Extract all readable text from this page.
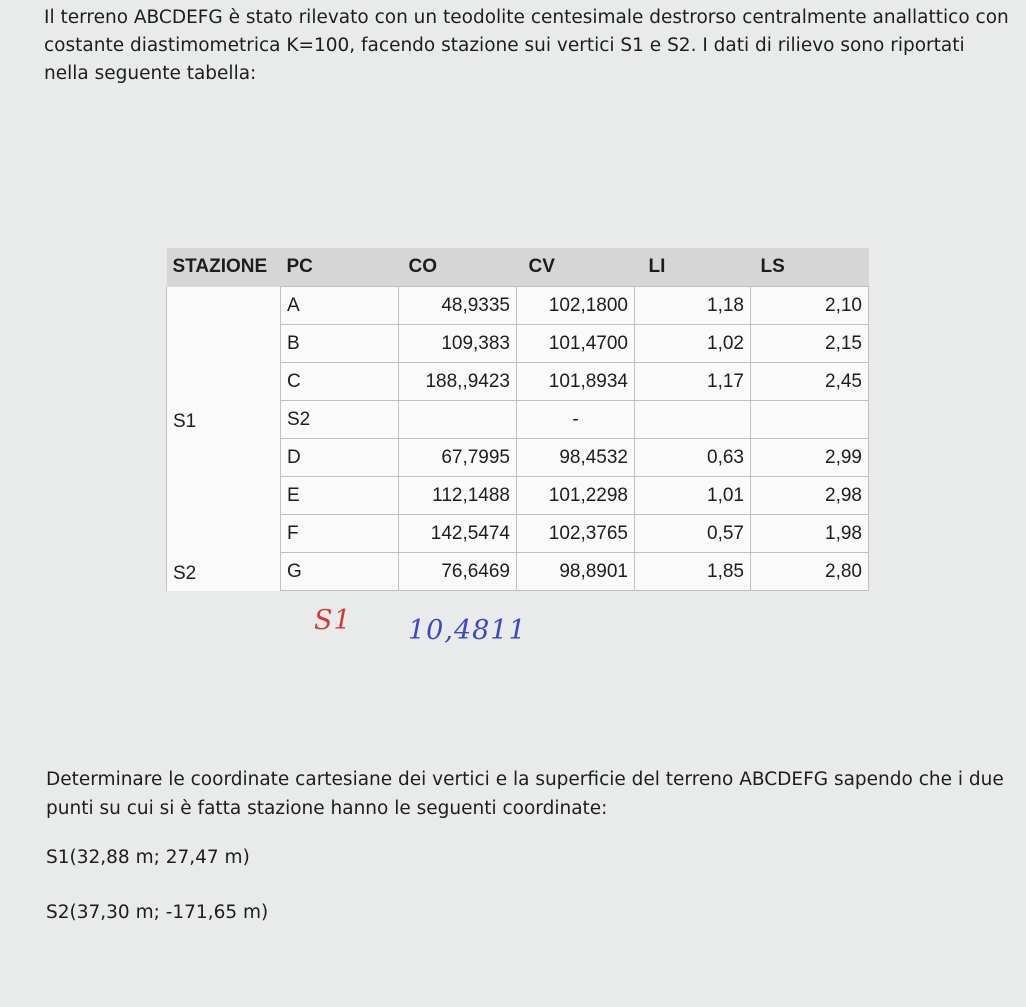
Il terreno ABCDEFG è stato rilevato con un teodolite centesimale destrorso centralmente anallattico con costante diastimometrica K=100, facendo stazione sui vertici S1 e S2. I dati di rilievo sono riportati nella seguente tabella:

STAZIONE	PC	CO	CV	LI	LS
S1	A	48,9335	102,1800	1,18	2,10
	B	109,383	101,4700	1,02	2,15
	C	188,,9423	101,8934	1,17	2,45
	S2		-		
S2	D	67,7995	98,4532	0,63	2,99
	E	112,1488	101,2298	1,01	2,98
	F	142,5474	102,3765	0,57	1,98
	G	76,6469	98,8901	1,85	2,80
S1 10,4811

Determinare le coordinate cartesiane dei vertici e la superficie del terreno ABCDEFG sapendo che i due punti su cui si è fatta stazione hanno le seguenti coordinate:

S1(32,88 m; 27,47 m)

S2(37,30 m; -171,65 m)
